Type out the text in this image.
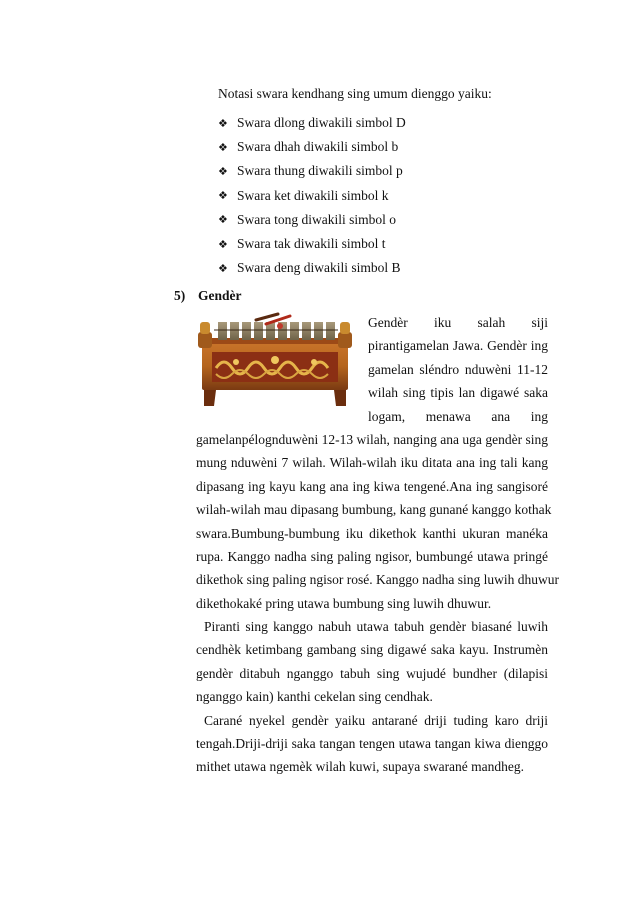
Notasi swara kendhang sing umum dienggo yaiku:
❖ Swara dlong diwakili simbol D
❖ Swara dhah diwakili simbol b
❖ Swara thung diwakili simbol p
❖ Swara ket diwakili simbol k
❖ Swara tong diwakili simbol o
❖ Swara tak diwakili simbol t
❖ Swara deng diwakili simbol B
5) Gendèr
Gendèr iku salah siji
pirantigamelan Jawa. Gendèr ing
gamelan sléndro nduwèni 11-12
wilah sing tipis lan digawé saka
logam, menawa ana ing
gamelanpélognduwèni 12-13 wilah, nanging ana uga gendèr sing
mung nduwèni 7 wilah. Wilah-wilah iku ditata ana ing tali kang
dipasang ing kayu kang ana ing kiwa tengené.Ana ing sangisoré
wilah-wilah mau dipasang bumbung, kang gunané kanggo kothak
swara.Bumbung-bumbung iku dikethok kanthi ukuran manéka
rupa. Kanggo nadha sing paling ngisor, bumbungé utawa pringé
dikethok sing paling ngisor rosé. Kanggo nadha sing luwih dhuwur
dikethokaké pring utawa bumbung sing luwih dhuwur.
Piranti sing kanggo nabuh utawa tabuh gendèr biasané luwih
cendhèk ketimbang gambang sing digawé saka kayu. Instrumèn
gendèr ditabuh nganggo tabuh sing wujudé bundher (dilapisi
nganggo kain) kanthi cekelan sing cendhak.
Carané nyekel gendèr yaiku antarané driji tuding karo driji
tengah.Driji-driji saka tangan tengen utawa tangan kiwa dienggo
mithet utawa ngemèk wilah kuwi, supaya swarané mandheg.
